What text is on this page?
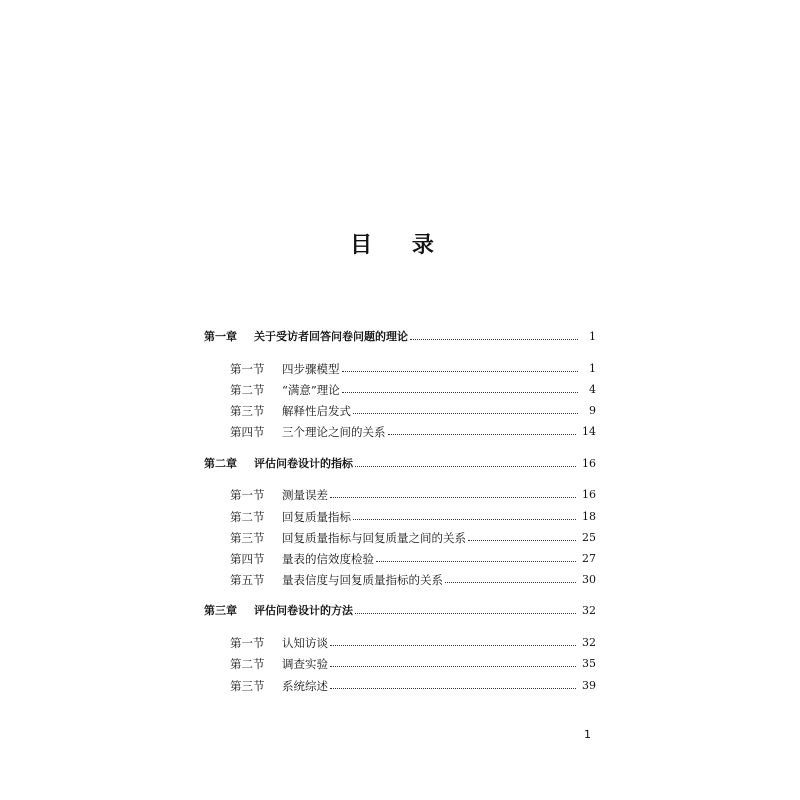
目 录
第一章	关于受访者回答问卷问题的理论	1
第一节	四步骤模型	1
第二节	“满意”理论	4
第三节	解释性启发式	9
第四节	三个理论之间的关系	14
第二章	评估问卷设计的指标	16
第一节	测量误差	16
第二节	回复质量指标	18
第三节	回复质量指标与回复质量之间的关系	25
第四节	量表的信效度检验	27
第五节	量表信度与回复质量指标的关系	30
第三章	评估问卷设计的方法	32
第一节	认知访谈	32
第二节	调查实验	35
第三节	系统综述	39
1
